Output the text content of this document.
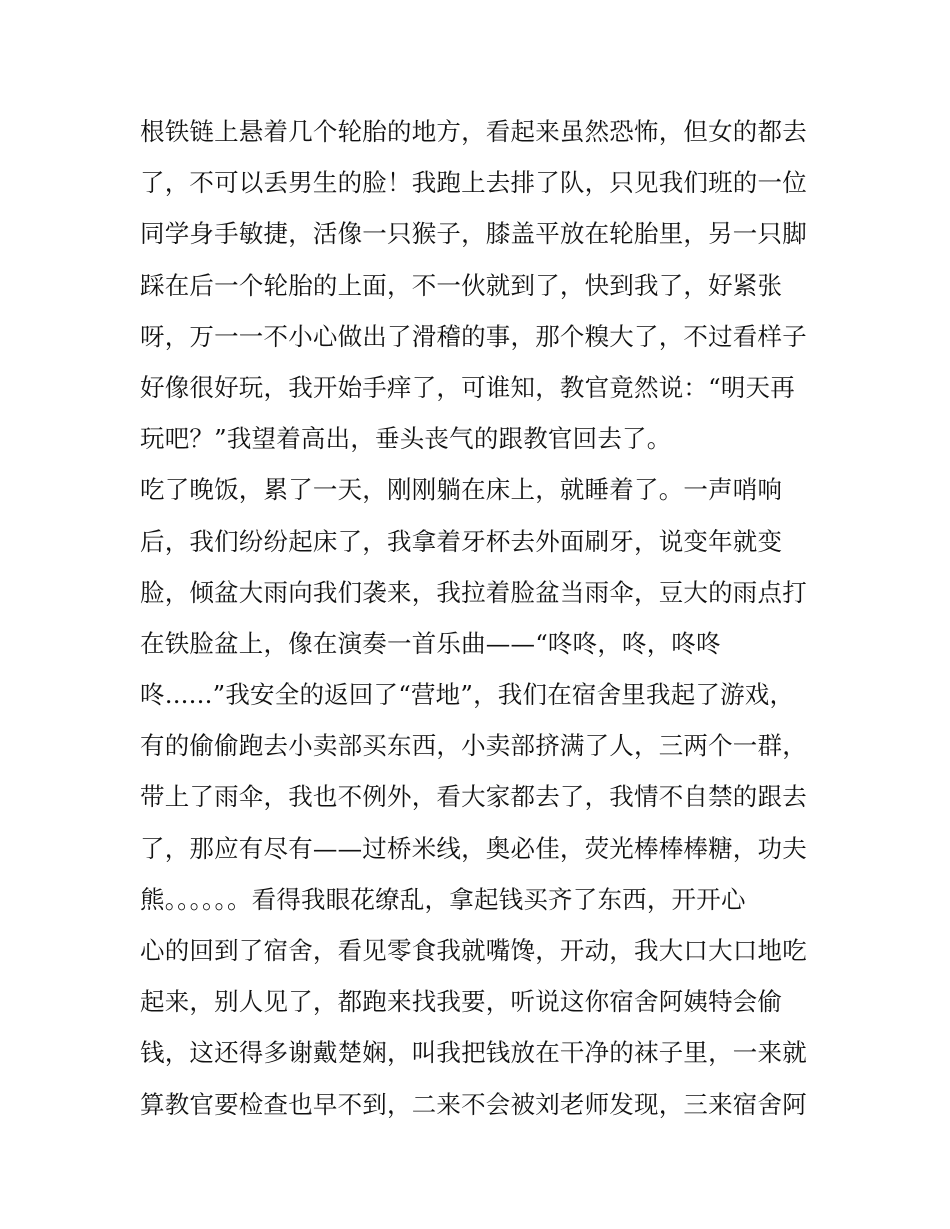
根铁链上悬着几个轮胎的地方，看起来虽然恐怖，但女的都去
了，不可以丢男生的脸！我跑上去排了队，只见我们班的一位
同学身手敏捷，活像一只猴子，膝盖平放在轮胎里，另一只脚
踩在后一个轮胎的上面，不一伙就到了，快到我了，好紧张
呀，万一一不小心做出了滑稽的事，那个糗大了，不过看样子
好像很好玩，我开始手痒了，可谁知，教官竟然说：“明天再
玩吧？”我望着高出，垂头丧气的跟教官回去了。
吃了晚饭，累了一天，刚刚躺在床上，就睡着了。一声哨响
后，我们纷纷起床了，我拿着牙杯去外面刷牙，说变年就变
脸，倾盆大雨向我们袭来，我拉着脸盆当雨伞，豆大的雨点打
在铁脸盆上，像在演奏一首乐曲——“咚咚，咚，咚咚
咚......”我安全的返回了“营地”，我们在宿舍里我起了游戏，
有的偷偷跑去小卖部买东西，小卖部挤满了人，三两个一群，
带上了雨伞，我也不例外，看大家都去了，我情不自禁的跟去
了，那应有尽有——过桥米线，奥必佳，荧光棒棒棒糖，功夫
熊。。。。。。看得我眼花缭乱，拿起钱买齐了东西，开开心
心的回到了宿舍，看见零食我就嘴馋，开动，我大口大口地吃
起来，别人见了，都跑来找我要，听说这你宿舍阿姨特会偷
钱，这还得多谢戴楚娴，叫我把钱放在干净的袜子里，一来就
算教官要检查也早不到，二来不会被刘老师发现，三来宿舍阿
